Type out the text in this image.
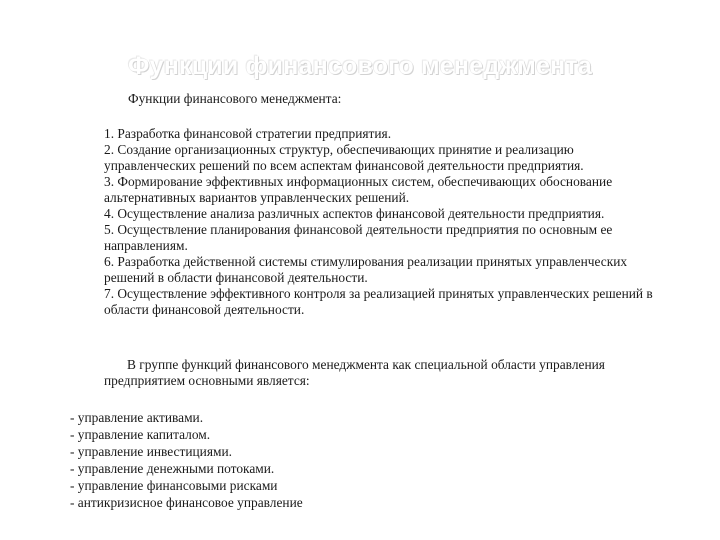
Функции финансового менеджмента
Функции финансового менеджмента:
1. Разработка финансовой стратегии предприятия.
2. Создание организационных структур, обеспечивающих принятие и реализацию управленческих решений по всем аспектам финансовой деятельности предприятия.
3. Формирование эффективных информационных систем, обеспечивающих обоснование альтернативных вариантов управленческих решений.
4. Осуществление анализа различных аспектов финансовой деятельности предприятия.
5. Осуществление планирования финансовой деятельности предприятия по основным ее направлениям.
6. Разработка действенной системы стимулирования реализации принятых управленческих решений в области финансовой деятельности.
7. Осуществление эффективного контроля за реализацией принятых управленческих решений в области финансовой деятельности.

В группе функций финансового менеджмента как специальной области управления предприятием основными является:

- управление активами.
- управление капиталом.
- управление инвестициями.
- управление денежными потоками.
- управление финансовыми рисками
- антикризисное финансовое управление
